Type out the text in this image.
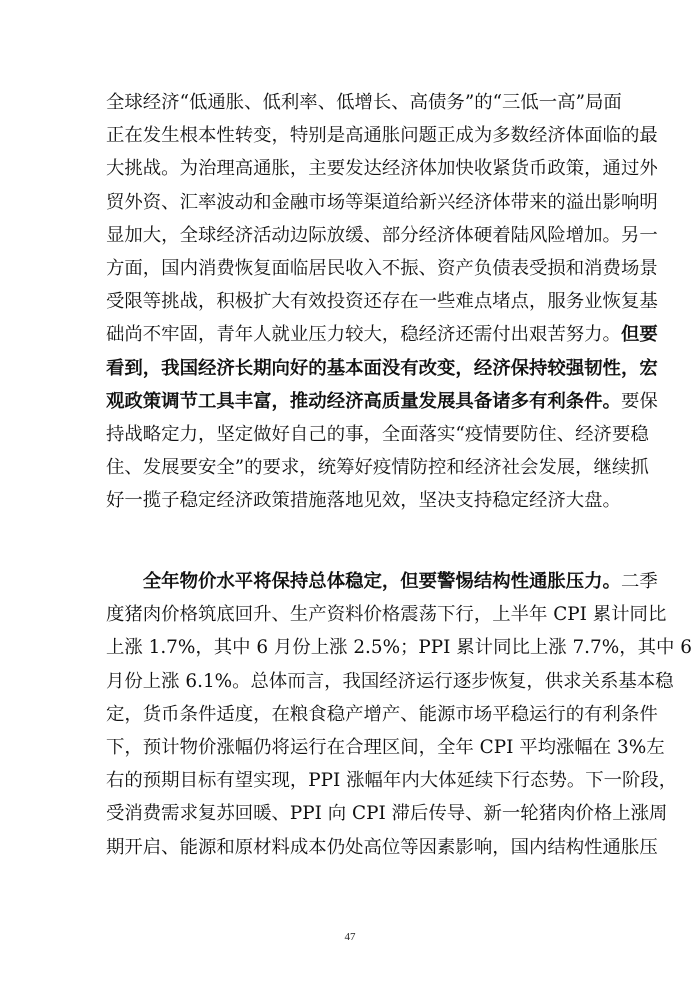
全球经济“低通胀、低利率、低增长、高债务”的“三低一高”局面
正在发生根本性转变，特别是高通胀问题正成为多数经济体面临的最
大挑战。为治理高通胀，主要发达经济体加快收紧货币政策，通过外
贸外资、汇率波动和金融市场等渠道给新兴经济体带来的溢出影响明
显加大，全球经济活动边际放缓、部分经济体硬着陆风险增加。另一
方面，国内消费恢复面临居民收入不振、资产负债表受损和消费场景
受限等挑战，积极扩大有效投资还存在一些难点堵点，服务业恢复基
础尚不牢固，青年人就业压力较大，稳经济还需付出艰苦努力。但要
看到，我国经济长期向好的基本面没有改变，经济保持较强韧性，宏
观政策调节工具丰富，推动经济高质量发展具备诸多有利条件。要保
持战略定力，坚定做好自己的事，全面落实“疫情要防住、经济要稳
住、发展要安全”的要求，统筹好疫情防控和经济社会发展，继续抓
好一揽子稳定经济政策措施落地见效，坚决支持稳定经济大盘。
　　全年物价水平将保持总体稳定，但要警惕结构性通胀压力。二季
度猪肉价格筑底回升、生产资料价格震荡下行，上半年 CPI 累计同比
上涨 1.7%，其中 6 月份上涨 2.5%；PPI 累计同比上涨 7.7%，其中 6
月份上涨 6.1%。总体而言，我国经济运行逐步恢复，供求关系基本稳
定，货币条件适度，在粮食稳产增产、能源市场平稳运行的有利条件
下，预计物价涨幅仍将运行在合理区间，全年 CPI 平均涨幅在 3%左
右的预期目标有望实现，PPI 涨幅年内大体延续下行态势。下一阶段，
受消费需求复苏回暖、PPI 向 CPI 滞后传导、新一轮猪肉价格上涨周
期开启、能源和原材料成本仍处高位等因素影响，国内结构性通胀压
47
